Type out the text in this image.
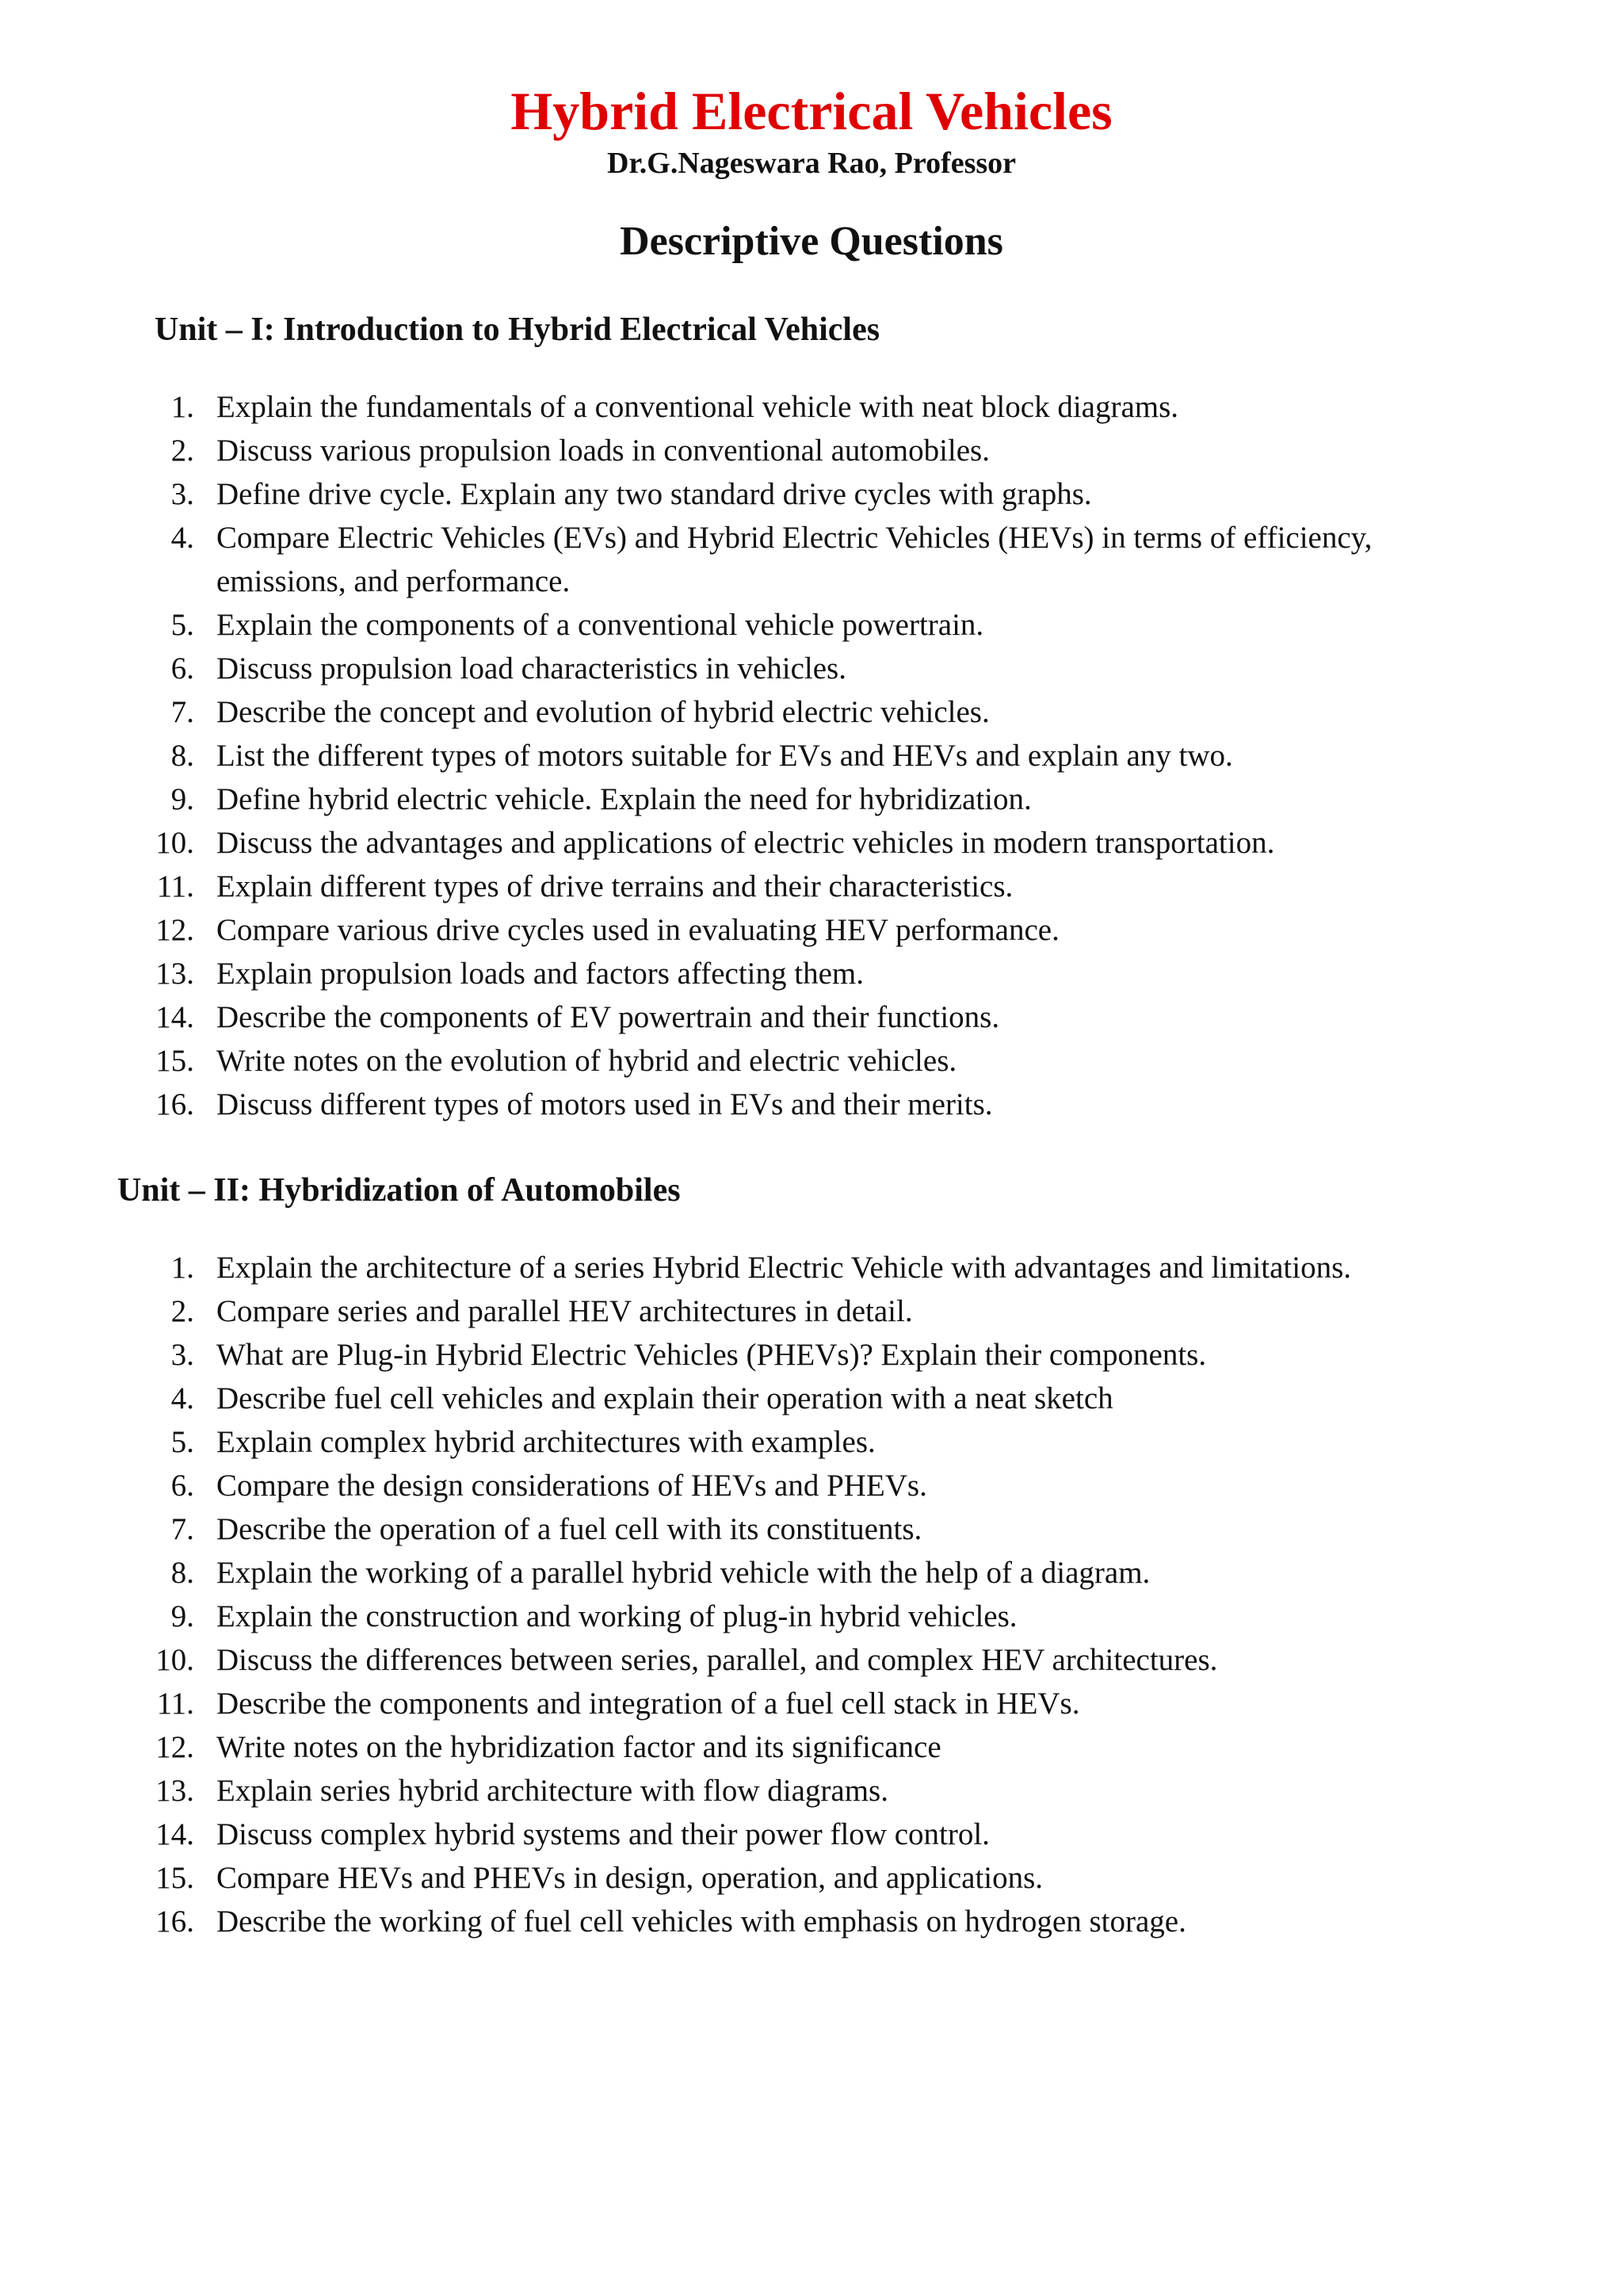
Hybrid Electrical Vehicles
Dr.G.Nageswara Rao, Professor
Descriptive Questions
Unit – I: Introduction to Hybrid Electrical Vehicles
1. Explain the fundamentals of a conventional vehicle with neat block diagrams.
2. Discuss various propulsion loads in conventional automobiles.
3. Define drive cycle. Explain any two standard drive cycles with graphs.
4. Compare Electric Vehicles (EVs) and Hybrid Electric Vehicles (HEVs) in terms of efficiency, emissions, and performance.
5. Explain the components of a conventional vehicle powertrain.
6. Discuss propulsion load characteristics in vehicles.
7. Describe the concept and evolution of hybrid electric vehicles.
8. List the different types of motors suitable for EVs and HEVs and explain any two.
9. Define hybrid electric vehicle. Explain the need for hybridization.
10. Discuss the advantages and applications of electric vehicles in modern transportation.
11. Explain different types of drive terrains and their characteristics.
12. Compare various drive cycles used in evaluating HEV performance.
13. Explain propulsion loads and factors affecting them.
14. Describe the components of EV powertrain and their functions.
15. Write notes on the evolution of hybrid and electric vehicles.
16. Discuss different types of motors used in EVs and their merits.
Unit – II: Hybridization of Automobiles
1. Explain the architecture of a series Hybrid Electric Vehicle with advantages and limitations.
2. Compare series and parallel HEV architectures in detail.
3. What are Plug-in Hybrid Electric Vehicles (PHEVs)? Explain their components.
4. Describe fuel cell vehicles and explain their operation with a neat sketch
5. Explain complex hybrid architectures with examples.
6. Compare the design considerations of HEVs and PHEVs.
7. Describe the operation of a fuel cell with its constituents.
8. Explain the working of a parallel hybrid vehicle with the help of a diagram.
9. Explain the construction and working of plug-in hybrid vehicles.
10. Discuss the differences between series, parallel, and complex HEV architectures.
11. Describe the components and integration of a fuel cell stack in HEVs.
12. Write notes on the hybridization factor and its significance
13. Explain series hybrid architecture with flow diagrams.
14. Discuss complex hybrid systems and their power flow control.
15. Compare HEVs and PHEVs in design, operation, and applications.
16. Describe the working of fuel cell vehicles with emphasis on hydrogen storage.
